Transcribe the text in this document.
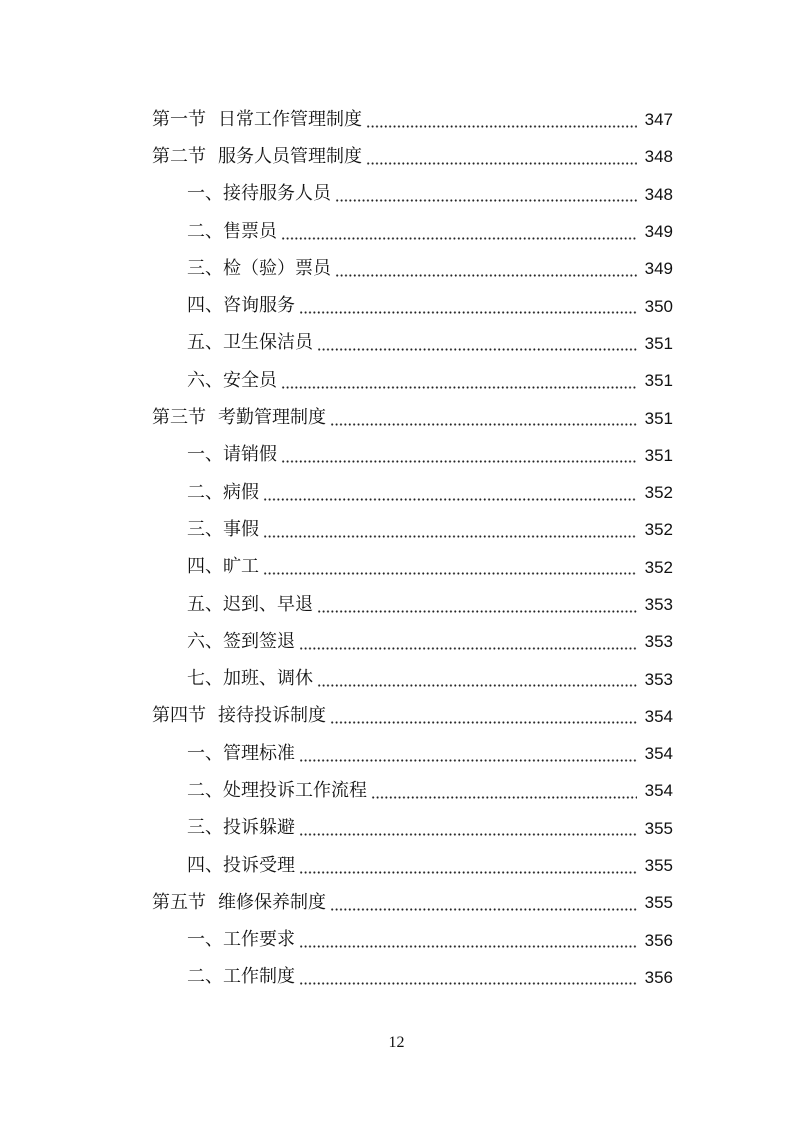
第一节 日常工作管理制度	347
第二节 服务人员管理制度	348
一、 接待服务人员	348
二、 售票员	349
三、 检（验）票员	349
四、 咨询服务	350
五、 卫生保洁员	351
六、 安全员	351
第三节 考勤管理制度	351
一、 请销假	351
二、 病假	352
三、 事假	352
四、 旷工	352
五、 迟到、早退	353
六、 签到签退	353
七、 加班、调休	353
第四节 接待投诉制度	354
一、 管理标准	354
二、 处理投诉工作流程	354
三、 投诉躲避	355
四、 投诉受理	355
第五节 维修保养制度	355
一、 工作要求	356
二、 工作制度	356
12
